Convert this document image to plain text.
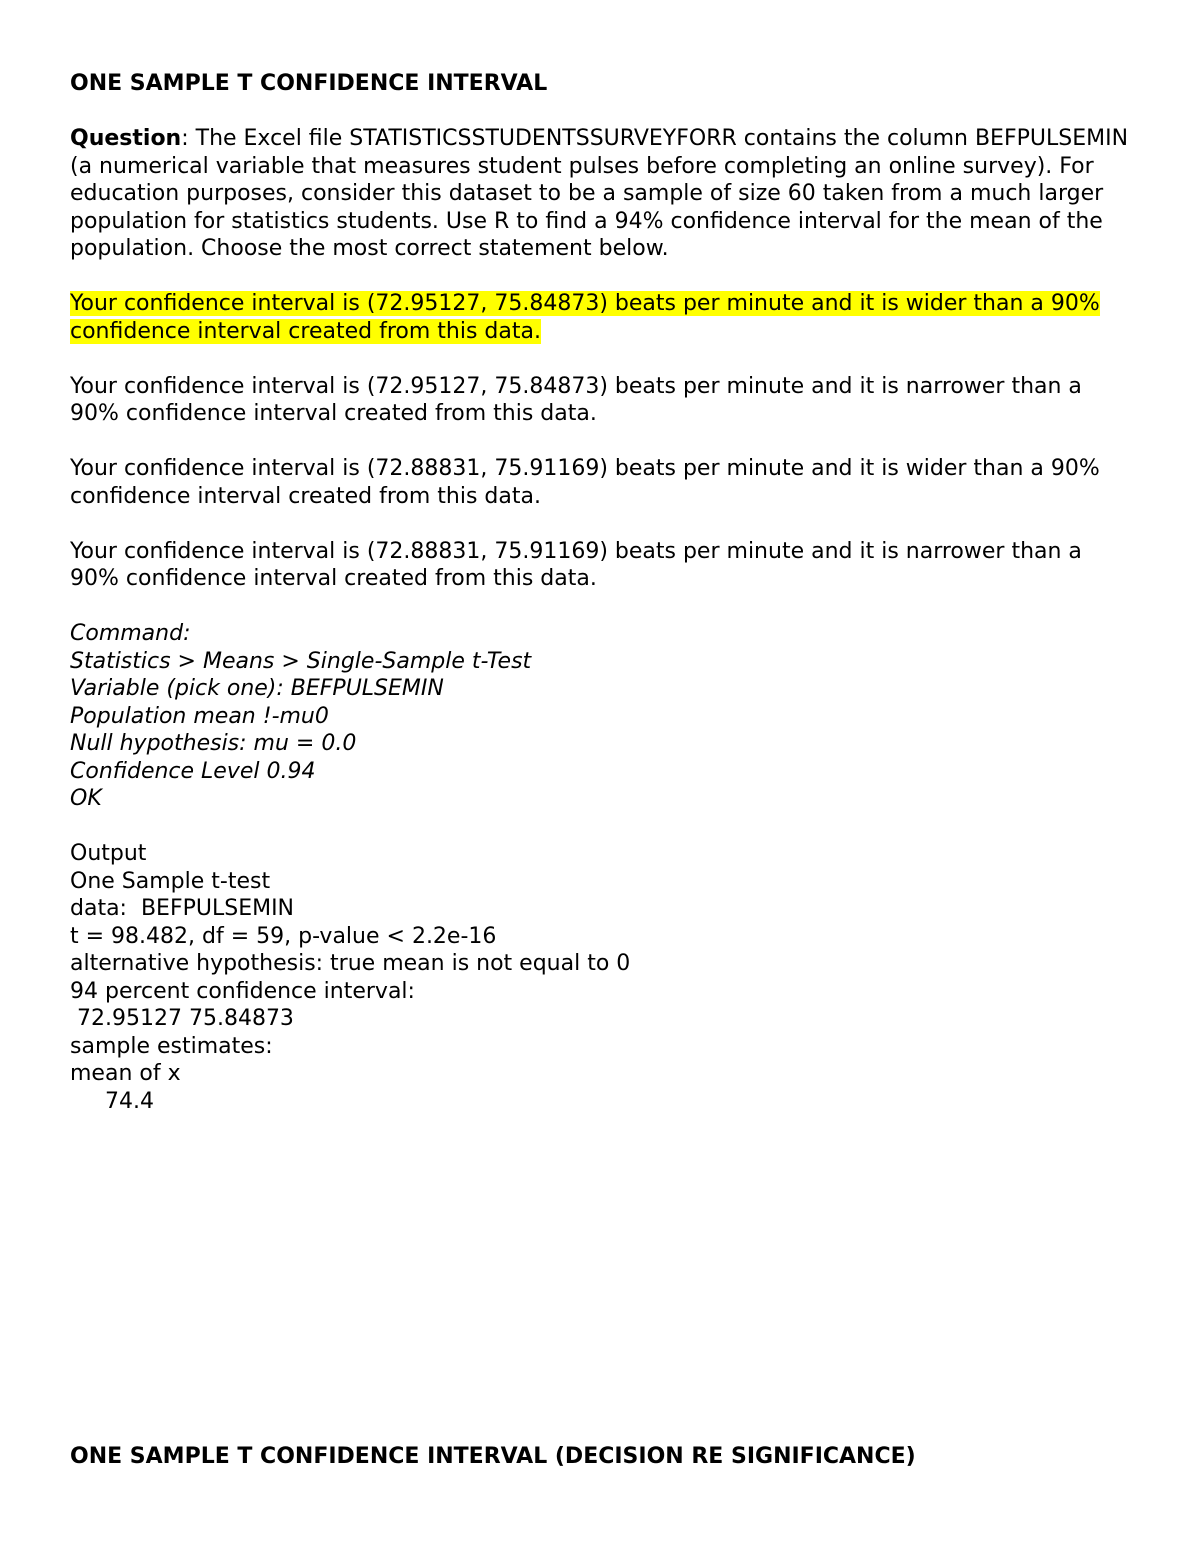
ONE SAMPLE T CONFIDENCE INTERVAL

Question: The Excel file STATISTICSSTUDENTSSURVEYFORR contains the column BEFPULSEMIN (a numerical variable that measures student pulses before completing an online survey). For education purposes, consider this dataset to be a sample of size 60 taken from a much larger population for statistics students. Use R to find a 94% confidence interval for the mean of the population. Choose the most correct statement below.

Your confidence interval is (72.95127, 75.84873) beats per minute and it is wider than a 90% confidence interval created from this data.

Your confidence interval is (72.95127, 75.84873) beats per minute and it is narrower than a 90% confidence interval created from this data.

Your confidence interval is (72.88831, 75.91169) beats per minute and it is wider than a 90% confidence interval created from this data.

Your confidence interval is (72.88831, 75.91169) beats per minute and it is narrower than a 90% confidence interval created from this data.

Command:
Statistics > Means > Single-Sample t-Test
Variable (pick one): BEFPULSEMIN
Population mean !-mu0
Null hypothesis: mu = 0.0
Confidence Level 0.94
OK
Output
One Sample t-test
data:  BEFPULSEMIN
t = 98.482, df = 59, p-value < 2.2e-16
alternative hypothesis: true mean is not equal to 0
94 percent confidence interval:
72.95127 75.84873
sample estimates:
mean of x
74.4
ONE SAMPLE T CONFIDENCE INTERVAL (DECISION RE SIGNIFICANCE)
